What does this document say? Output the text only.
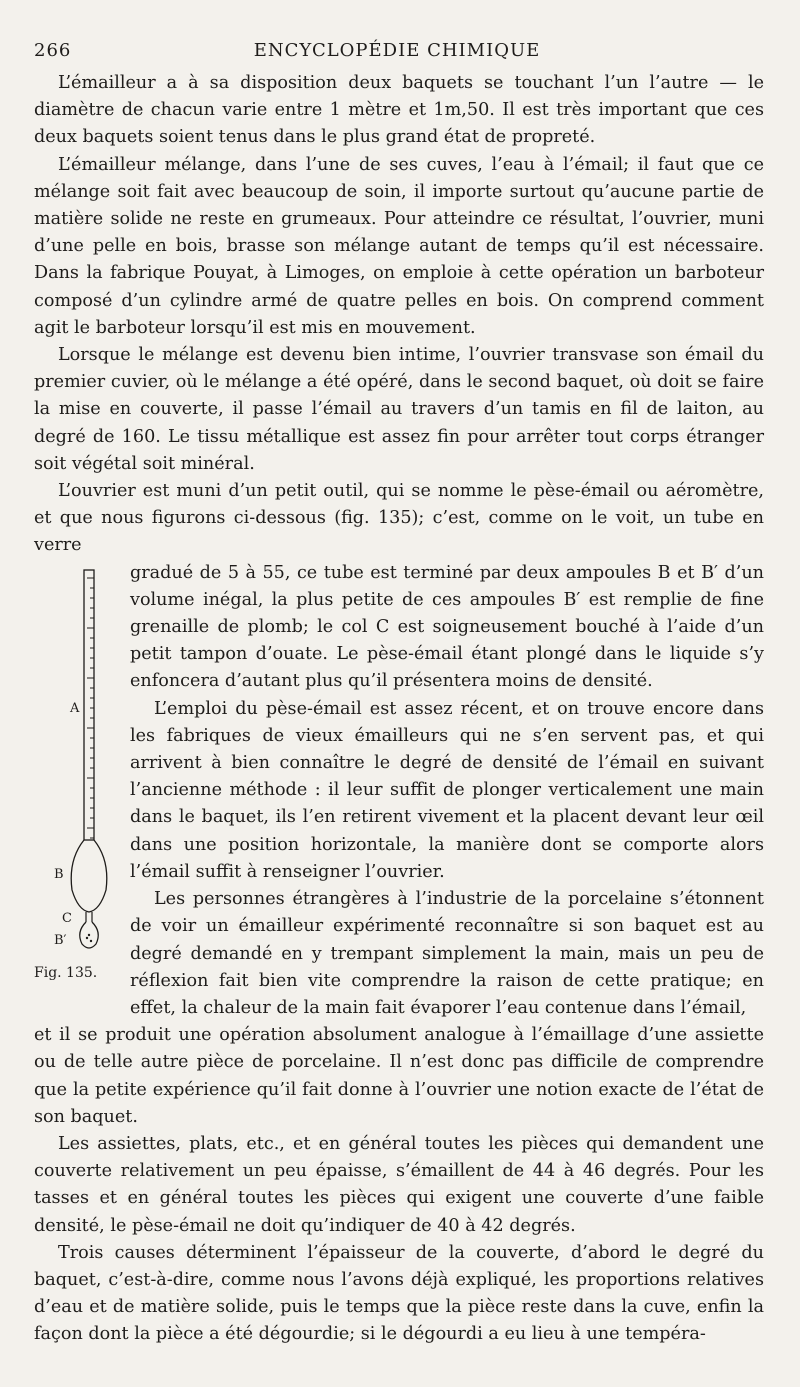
266	ENCYCLOPÉDIE CHIMIQUE

L’émailleur a à sa disposition deux baquets se touchant l’un l’autre — le diamètre de chacun varie entre 1 mètre et 1m,50. Il est très important que ces deux baquets soient tenus dans le plus grand état de propreté.

L’émailleur mélange, dans l’une de ses cuves, l’eau à l’émail; il faut que ce mélange soit fait avec beaucoup de soin, il importe surtout qu’aucune partie de matière solide ne reste en grumeaux. Pour atteindre ce résultat, l’ouvrier, muni d’une pelle en bois, brasse son mélange autant de temps qu’il est nécessaire. Dans la fabrique Pouyat, à Limoges, on emploie à cette opération un barboteur composé d’un cylindre armé de quatre pelles en bois. On comprend comment agit le barboteur lorsqu’il est mis en mouvement.

Lorsque le mélange est devenu bien intime, l’ouvrier transvase son émail du premier cuvier, où le mélange a été opéré, dans le second baquet, où doit se faire la mise en couverte, il passe l’émail au travers d’un tamis en fil de laiton, au degré de 160. Le tissu métallique est assez fin pour arrêter tout corps étranger soit végétal soit minéral.

L’ouvrier est muni d’un petit outil, qui se nomme le pèse-émail ou aéromètre, et que nous figurons ci-dessous (fig. 135); c’est, comme on le voit, un tube en verre

A
B
C
B′
Fig. 135.

gradué de 5 à 55, ce tube est terminé par deux ampoules B et B′ d’un volume inégal, la plus petite de ces ampoules B′ est remplie de fine grenaille de plomb; le col C est soigneusement bouché à l’aide d’un petit tampon d’ouate. Le pèse-émail étant plongé dans le liquide s’y enfoncera d’autant plus qu’il présentera moins de densité.

L’emploi du pèse-émail est assez récent, et on trouve encore dans les fabriques de vieux émailleurs qui ne s’en servent pas, et qui arrivent à bien connaître le degré de densité de l’émail en suivant l’ancienne méthode : il leur suffit de plonger verticalement une main dans le baquet, ils l’en retirent vivement et la placent devant leur œil dans une position horizontale, la manière dont se comporte alors l’émail suffit à renseigner l’ouvrier.

Les personnes étrangères à l’industrie de la porcelaine s’étonnent de voir un émailleur expérimenté reconnaître si son baquet est au degré demandé en y trempant simplement la main, mais un peu de réflexion fait bien vite comprendre la raison de cette pratique; en effet, la chaleur de la main fait évaporer l’eau contenue dans l’émail,

et il se produit une opération absolument analogue à l’émaillage d’une assiette ou de telle autre pièce de porcelaine. Il n’est donc pas difficile de comprendre que la petite expérience qu’il fait donne à l’ouvrier une notion exacte de l’état de son baquet.

Les assiettes, plats, etc., et en général toutes les pièces qui demandent une couverte relativement un peu épaisse, s’émaillent de 44 à 46 degrés. Pour les tasses et en général toutes les pièces qui exigent une couverte d’une faible densité, le pèse-émail ne doit qu’indiquer de 40 à 42 degrés.

Trois causes déterminent l’épaisseur de la couverte, d’abord le degré du baquet, c’est-à-dire, comme nous l’avons déjà expliqué, les proportions relatives d’eau et de matière solide, puis le temps que la pièce reste dans la cuve, enfin la façon dont la pièce a été dégourdie; si le dégourdi a eu lieu à une tempéra-
